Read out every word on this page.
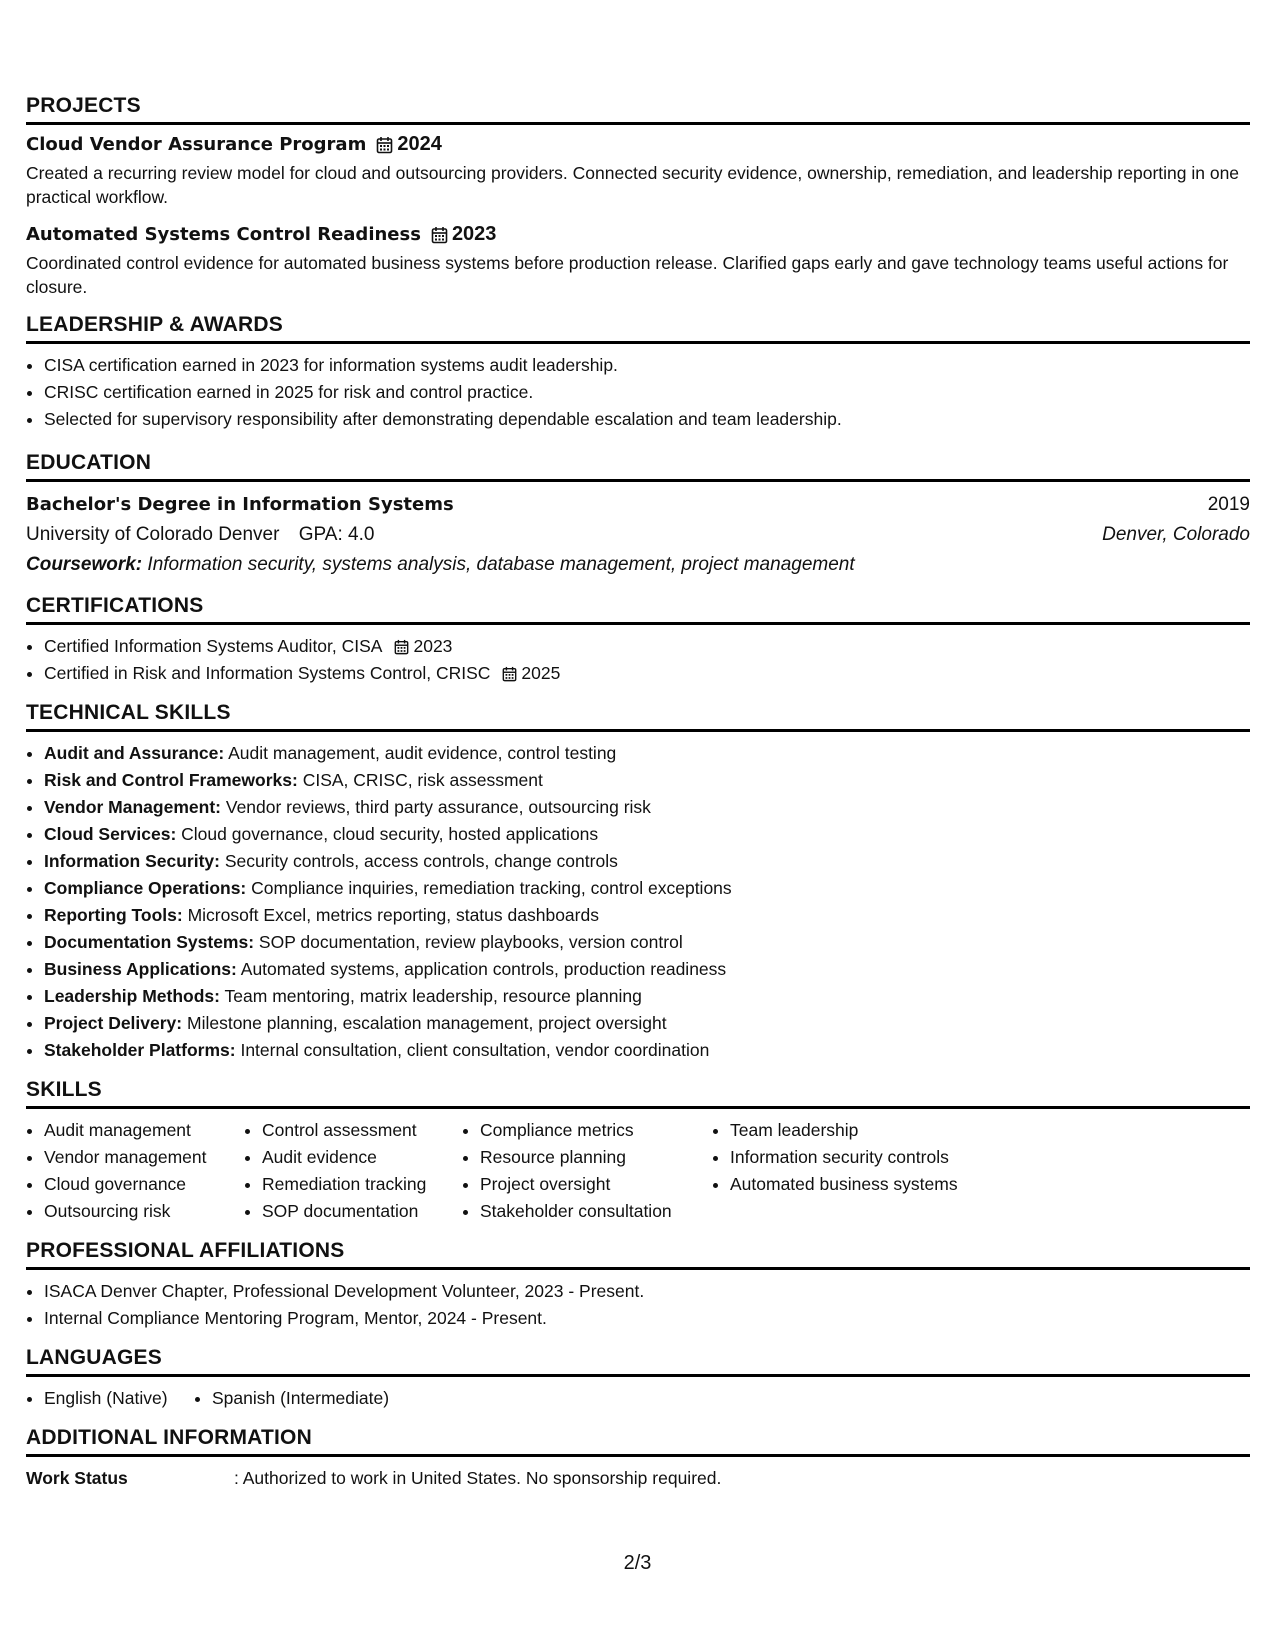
PROJECTS
Cloud Vendor Assurance Program 2024
Created a recurring review model for cloud and outsourcing providers. Connected security evidence, ownership, remediation, and leadership reporting in one practical workflow.
Automated Systems Control Readiness 2023
Coordinated control evidence for automated business systems before production release. Clarified gaps early and gave technology teams useful actions for closure.
LEADERSHIP & AWARDS
• CISA certification earned in 2023 for information systems audit leadership.
• CRISC certification earned in 2025 for risk and control practice.
• Selected for supervisory responsibility after demonstrating dependable escalation and team leadership.
EDUCATION
Bachelor's Degree in Information Systems	2019
University of Colorado Denver GPA: 4.0	Denver, Colorado
Coursework: Information security, systems analysis, database management, project management
CERTIFICATIONS
• Certified Information Systems Auditor, CISA 2023
• Certified in Risk and Information Systems Control, CRISC 2025
TECHNICAL SKILLS
• Audit and Assurance: Audit management, audit evidence, control testing
• Risk and Control Frameworks: CISA, CRISC, risk assessment
• Vendor Management: Vendor reviews, third party assurance, outsourcing risk
• Cloud Services: Cloud governance, cloud security, hosted applications
• Information Security: Security controls, access controls, change controls
• Compliance Operations: Compliance inquiries, remediation tracking, control exceptions
• Reporting Tools: Microsoft Excel, metrics reporting, status dashboards
• Documentation Systems: SOP documentation, review playbooks, version control
• Business Applications: Automated systems, application controls, production readiness
• Leadership Methods: Team mentoring, matrix leadership, resource planning
• Project Delivery: Milestone planning, escalation management, project oversight
• Stakeholder Platforms: Internal consultation, client consultation, vendor coordination
SKILLS
• Audit management
• Vendor management
• Cloud governance
• Outsourcing risk
• Control assessment
• Audit evidence
• Remediation tracking
• SOP documentation
• Compliance metrics
• Resource planning
• Project oversight
• Stakeholder consultation
• Team leadership
• Information security controls
• Automated business systems
PROFESSIONAL AFFILIATIONS
• ISACA Denver Chapter, Professional Development Volunteer, 2023 - Present.
• Internal Compliance Mentoring Program, Mentor, 2024 - Present.
LANGUAGES
• English (Native)
•	Spanish (Intermediate)
ADDITIONAL INFORMATION
Work Status	: Authorized to work in United States. No sponsorship required.
2/3
